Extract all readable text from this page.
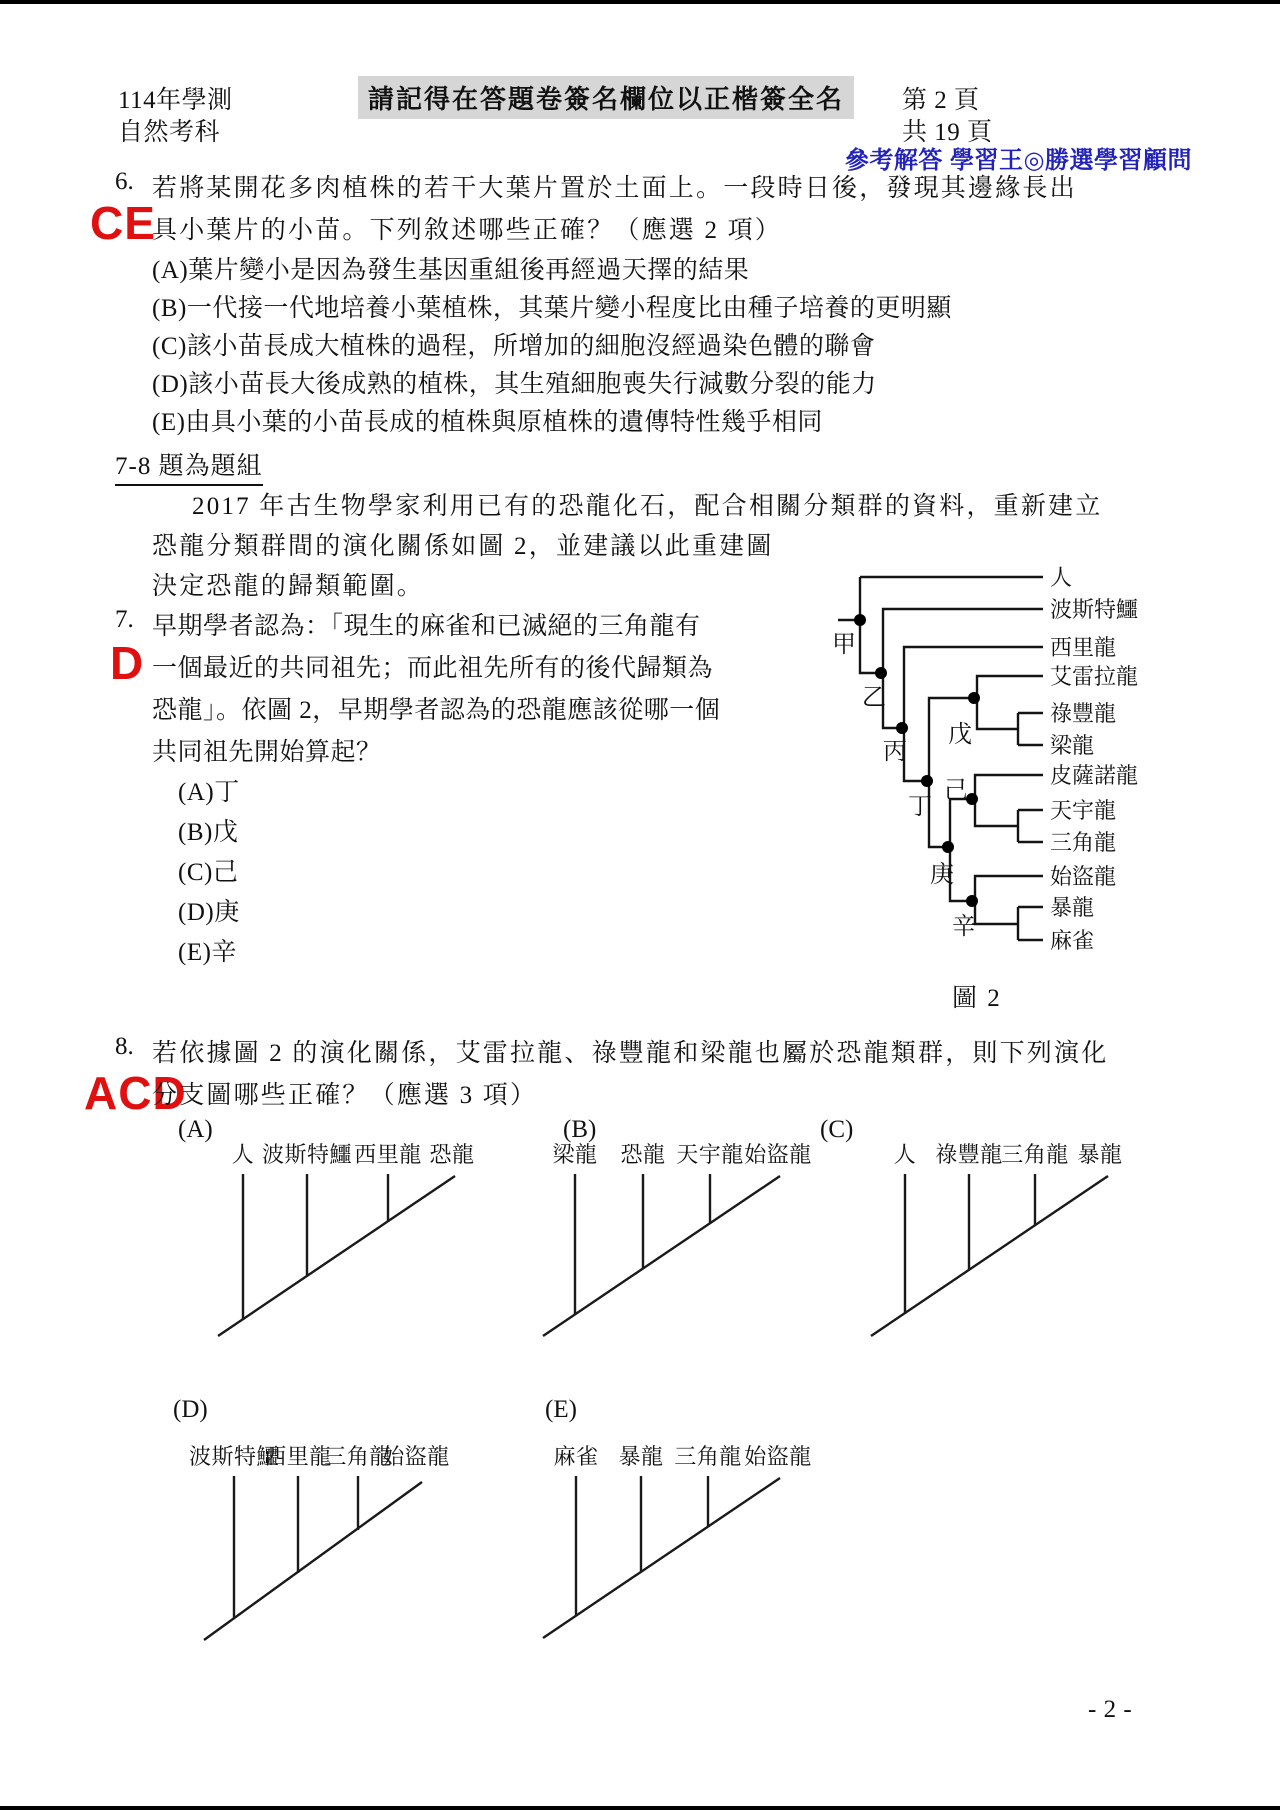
114年學測
自然考科
請記得在答題卷簽名欄位以正楷簽全名	第 2 頁
共 19 頁
參考解答 學習王◎勝選學習顧問
6. 若將某開花多肉植株的若干大葉片置於土面上。一段時日後，發現其邊緣長出
CE
具小葉片的小苗。下列敘述哪些正確？（應選 2 項）
(A)葉片變小是因為發生基因重組後再經過天擇的結果
(B)一代接一代地培養小葉植株，其葉片變小程度比由種子培養的更明顯
(C)該小苗長成大植株的過程，所增加的細胞沒經過染色體的聯會
(D)該小苗長大後成熟的植株，其生殖細胞喪失行減數分裂的能力
(E)由具小葉的小苗長成的植株與原植株的遺傳特性幾乎相同
7-8 題為題組
2017 年古生物學家利用已有的恐龍化石，配合相關分類群的資料，重新建立
恐龍分類群間的演化關係如圖 2，並建議以此重建圖
決定恐龍的歸類範圍。
7. 早期學者認為：「現生的麻雀和已滅絕的三角龍有
D 一個最近的共同祖先；而此祖先所有的後代歸類為
恐龍」。依圖 2，早期學者認為的恐龍應該從哪一個
共同祖先開始算起？
(A)丁
(B)戊
(C)己
(D)庚
(E)辛
甲
乙
丙
丁
戊
己
庚
辛
人
波斯特鱷
西里龍
艾雷拉龍
祿豐龍
梁龍
皮薩諾龍
天宇龍
三角龍
始盜龍
暴龍
麻雀
圖 2
8. 若依據圖 2 的演化關係，艾雷拉龍、祿豐龍和梁龍也屬於恐龍類群，則下列演化
ACD
分支圖哪些正確？（應選 3 項）
(A)
人 波斯特鱷 西里龍 恐龍
(B)
梁龍 恐龍 天宇龍 始盜龍
(C)
人 祿豐龍
三角龍 暴龍
(D)
波斯特鱷
西里龍
三角龍
始盜龍
(E)
麻雀 暴龍 三角龍 始盜龍
- 2 -
